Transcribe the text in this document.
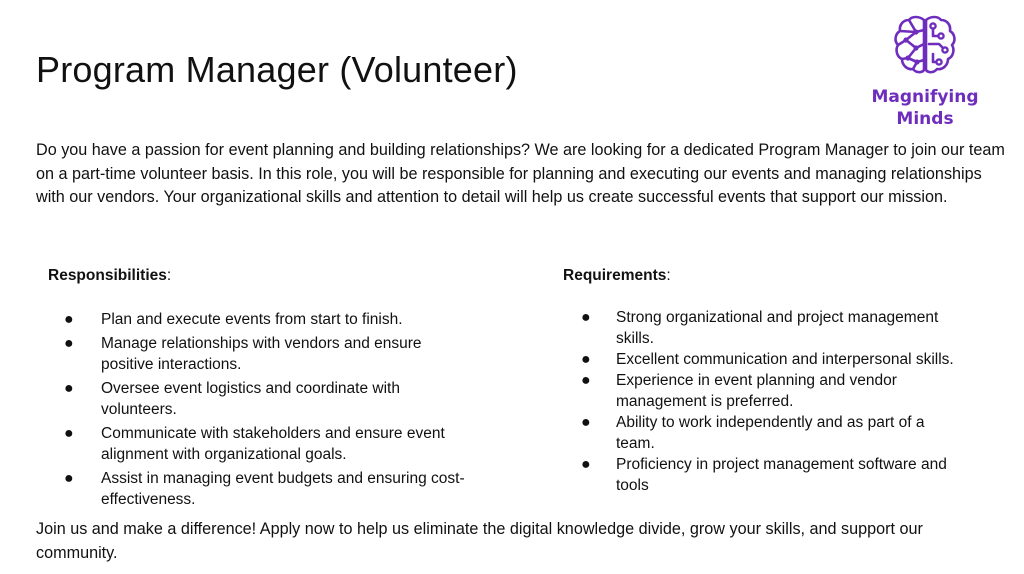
Program Manager (Volunteer)
Magnifying
Minds

Do you have a passion for event planning and building relationships? We are looking for a dedicated Program Manager to join our team on a part-time volunteer basis. In this role, you will be responsible for planning and executing our events and managing relationships with our vendors. Your organizational skills and attention to detail will help us create successful events that support our mission.

Responsibilities:
● Plan and execute events from start to finish.
● Manage relationships with vendors and ensure positive interactions.
● Oversee event logistics and coordinate with volunteers.
● Communicate with stakeholders and ensure event alignment with organizational goals.
● Assist in managing event budgets and ensuring cost-effectiveness.
Requirements:
● Strong organizational and project management skills.
● Excellent communication and interpersonal skills.
● Experience in event planning and vendor management is preferred.
● Ability to work independently and as part of a team.
● Proficiency in project management software and tools

Join us and make a difference! Apply now to help us eliminate the digital knowledge divide, grow your skills, and support our community.
